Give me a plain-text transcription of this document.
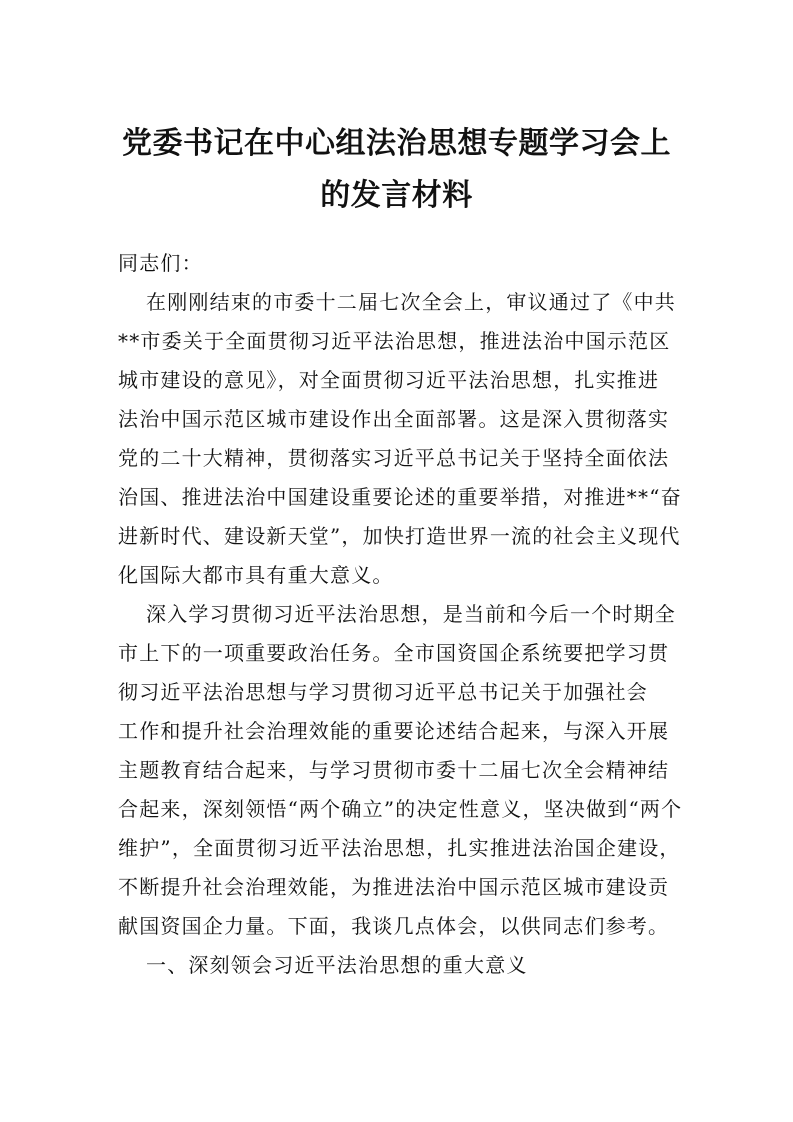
党委书记在中心组法治思想专题学习会上
的发言材料
同志们：
在刚刚结束的市委十二届七次全会上，审议通过了《中共
**市委关于全面贯彻习近平法治思想，推进法治中国示范区
城市建设的意见》，对全面贯彻习近平法治思想，扎实推进
法治中国示范区城市建设作出全面部署。这是深入贯彻落实
党的二十大精神，贯彻落实习近平总书记关于坚持全面依法
治国、推进法治中国建设重要论述的重要举措，对推进**“奋
进新时代、建设新天堂”，加快打造世界一流的社会主义现代
化国际大都市具有重大意义。
深入学习贯彻习近平法治思想，是当前和今后一个时期全
市上下的一项重要政治任务。全市国资国企系统要把学习贯
彻习近平法治思想与学习贯彻习近平总书记关于加强社会
工作和提升社会治理效能的重要论述结合起来，与深入开展
主题教育结合起来，与学习贯彻市委十二届七次全会精神结
合起来，深刻领悟“两个确立”的决定性意义，坚决做到“两个
维护”，全面贯彻习近平法治思想，扎实推进法治国企建设，
不断提升社会治理效能，为推进法治中国示范区城市建设贡
献国资国企力量。下面，我谈几点体会，以供同志们参考。
一、深刻领会习近平法治思想的重大意义
